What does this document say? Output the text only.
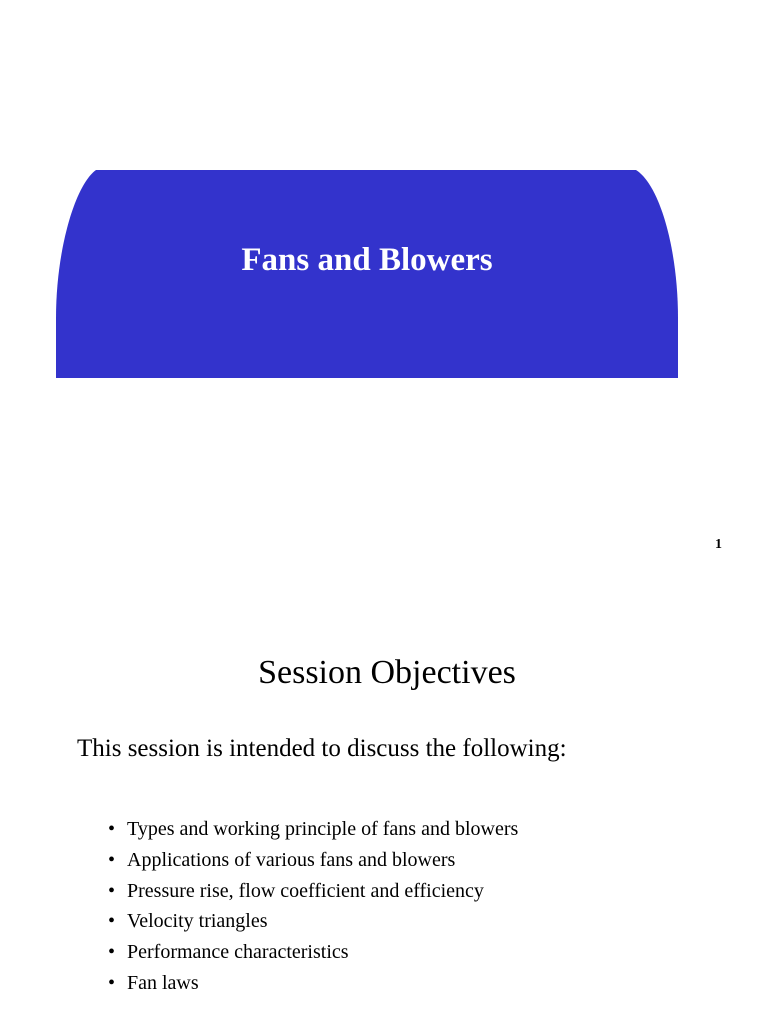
Fans and Blowers
1
Session Objectives

This session is intended to discuss the following:

• Types and working principle of fans and blowers
• Applications of various fans and blowers
• Pressure rise, flow coefficient and efficiency
• Velocity triangles
• Performance characteristics
• Fan laws
